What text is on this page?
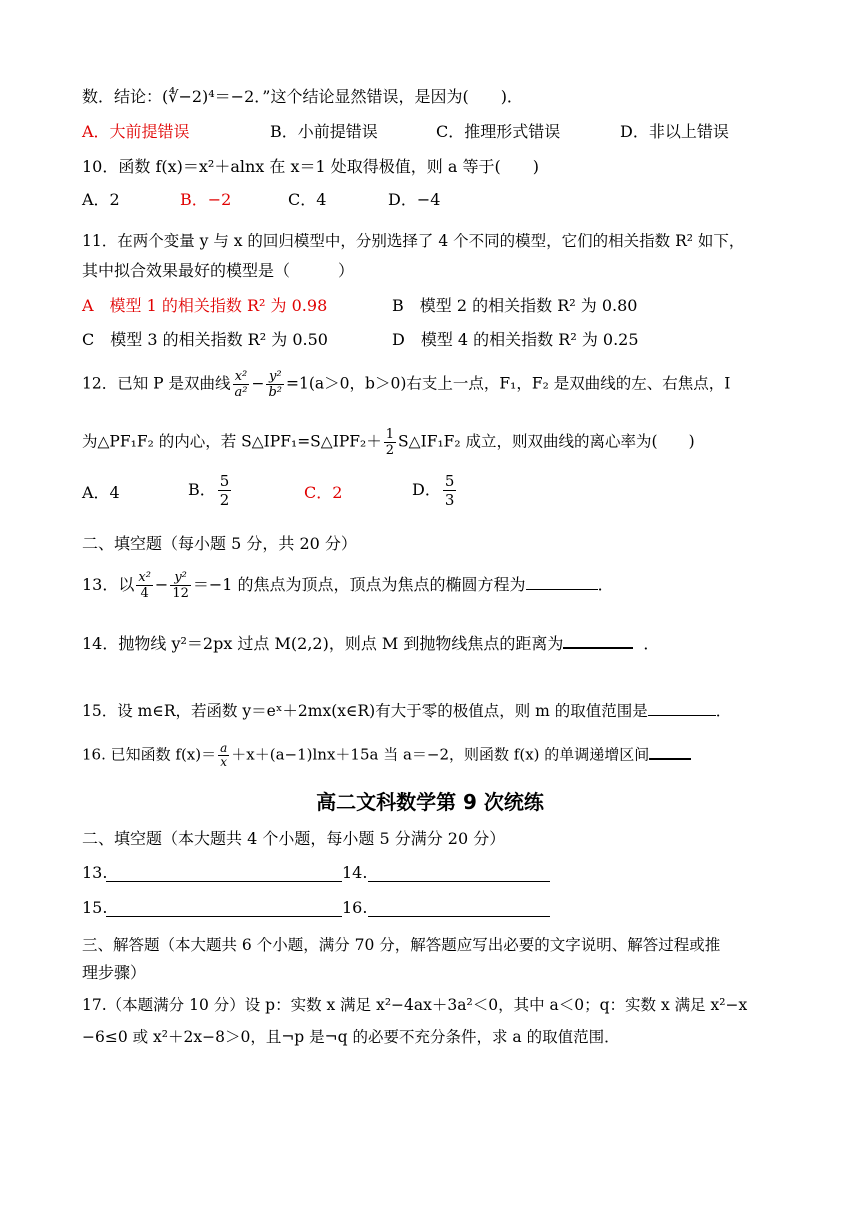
数．结论：(∜−2)⁴＝−2．”这个结论显然错误，是因为(　　)．
A．大前提错误	B．小前提错误	C．推理形式错误	D．非以上错误
10．函数 f(x)＝x²＋alnx 在 x＝1 处取得极值，则 a 等于(　　)
A．2	B．−2	C．4	D．−4
11．在两个变量 y 与 x 的回归模型中，分别选择了 4 个不同的模型，它们的相关指数 R² 如下，
其中拟合效果最好的模型是（　　　）
A　模型 1 的相关指数 R² 为 0.98	B　模型 2 的相关指数 R² 为 0.80
C　模型 3 的相关指数 R² 为 0.50	D　模型 4 的相关指数 R² 为 0.25
12．已知 P 是双曲线 $\frac{\text{x²}}{\text{a²}} - \frac{\text{y²}}{\text{b²}} =1(a>0$，b＞0)右支上一点，F₁，F₂ 是双曲线的左、右焦点，I
为△PF₁F₂ 的内心，若 S△IPF₁=S△IPF₂＋ $\frac{1}{2}$ S△IF₁F₂ 成立，则双曲线的离心率为(　　)
A．4	B． $\frac{5}{2}$	C．2	D． $\frac{5}{3}$
二、填空题（每小题 5 分，共 20 分）
13．以 $\frac{\text{x²}}{4} - \frac{\text{y²}}{12} =-1$ 的焦点为顶点，顶点为焦点的椭圆方程为	．
14．抛物线 y²＝2px 过点 M(2,2)，则点 M 到抛物线焦点的距离为	．
15．设 m∈R，若函数 y＝eˣ＋2mx(x∈R)有大于零的极值点，则 m 的取值范围是	．
16. 已知函数 $f(x)= \frac{a}{x} +x+(a-1)\ln x+15a$ 当 a＝−2，则函数 f(x) 的单调递增区间
高二文科数学第 9 次统练
二、填空题（本大题共 4 个小题，每小题 5 分满分 20 分）
13.	14.
15.	16.
三、解答题（本大题共 6 个小题，满分 70 分，解答题应写出必要的文字说明、解答过程或推
理步骤）
17.（本题满分 10 分）设 p：实数 x 满足 x²−4ax＋3a²＜0，其中 a＜0；q：实数 x 满足 x²−x
−6≤0 或 x²＋2x−8＞0，且¬p 是¬q 的必要不充分条件，求 a 的取值范围．
